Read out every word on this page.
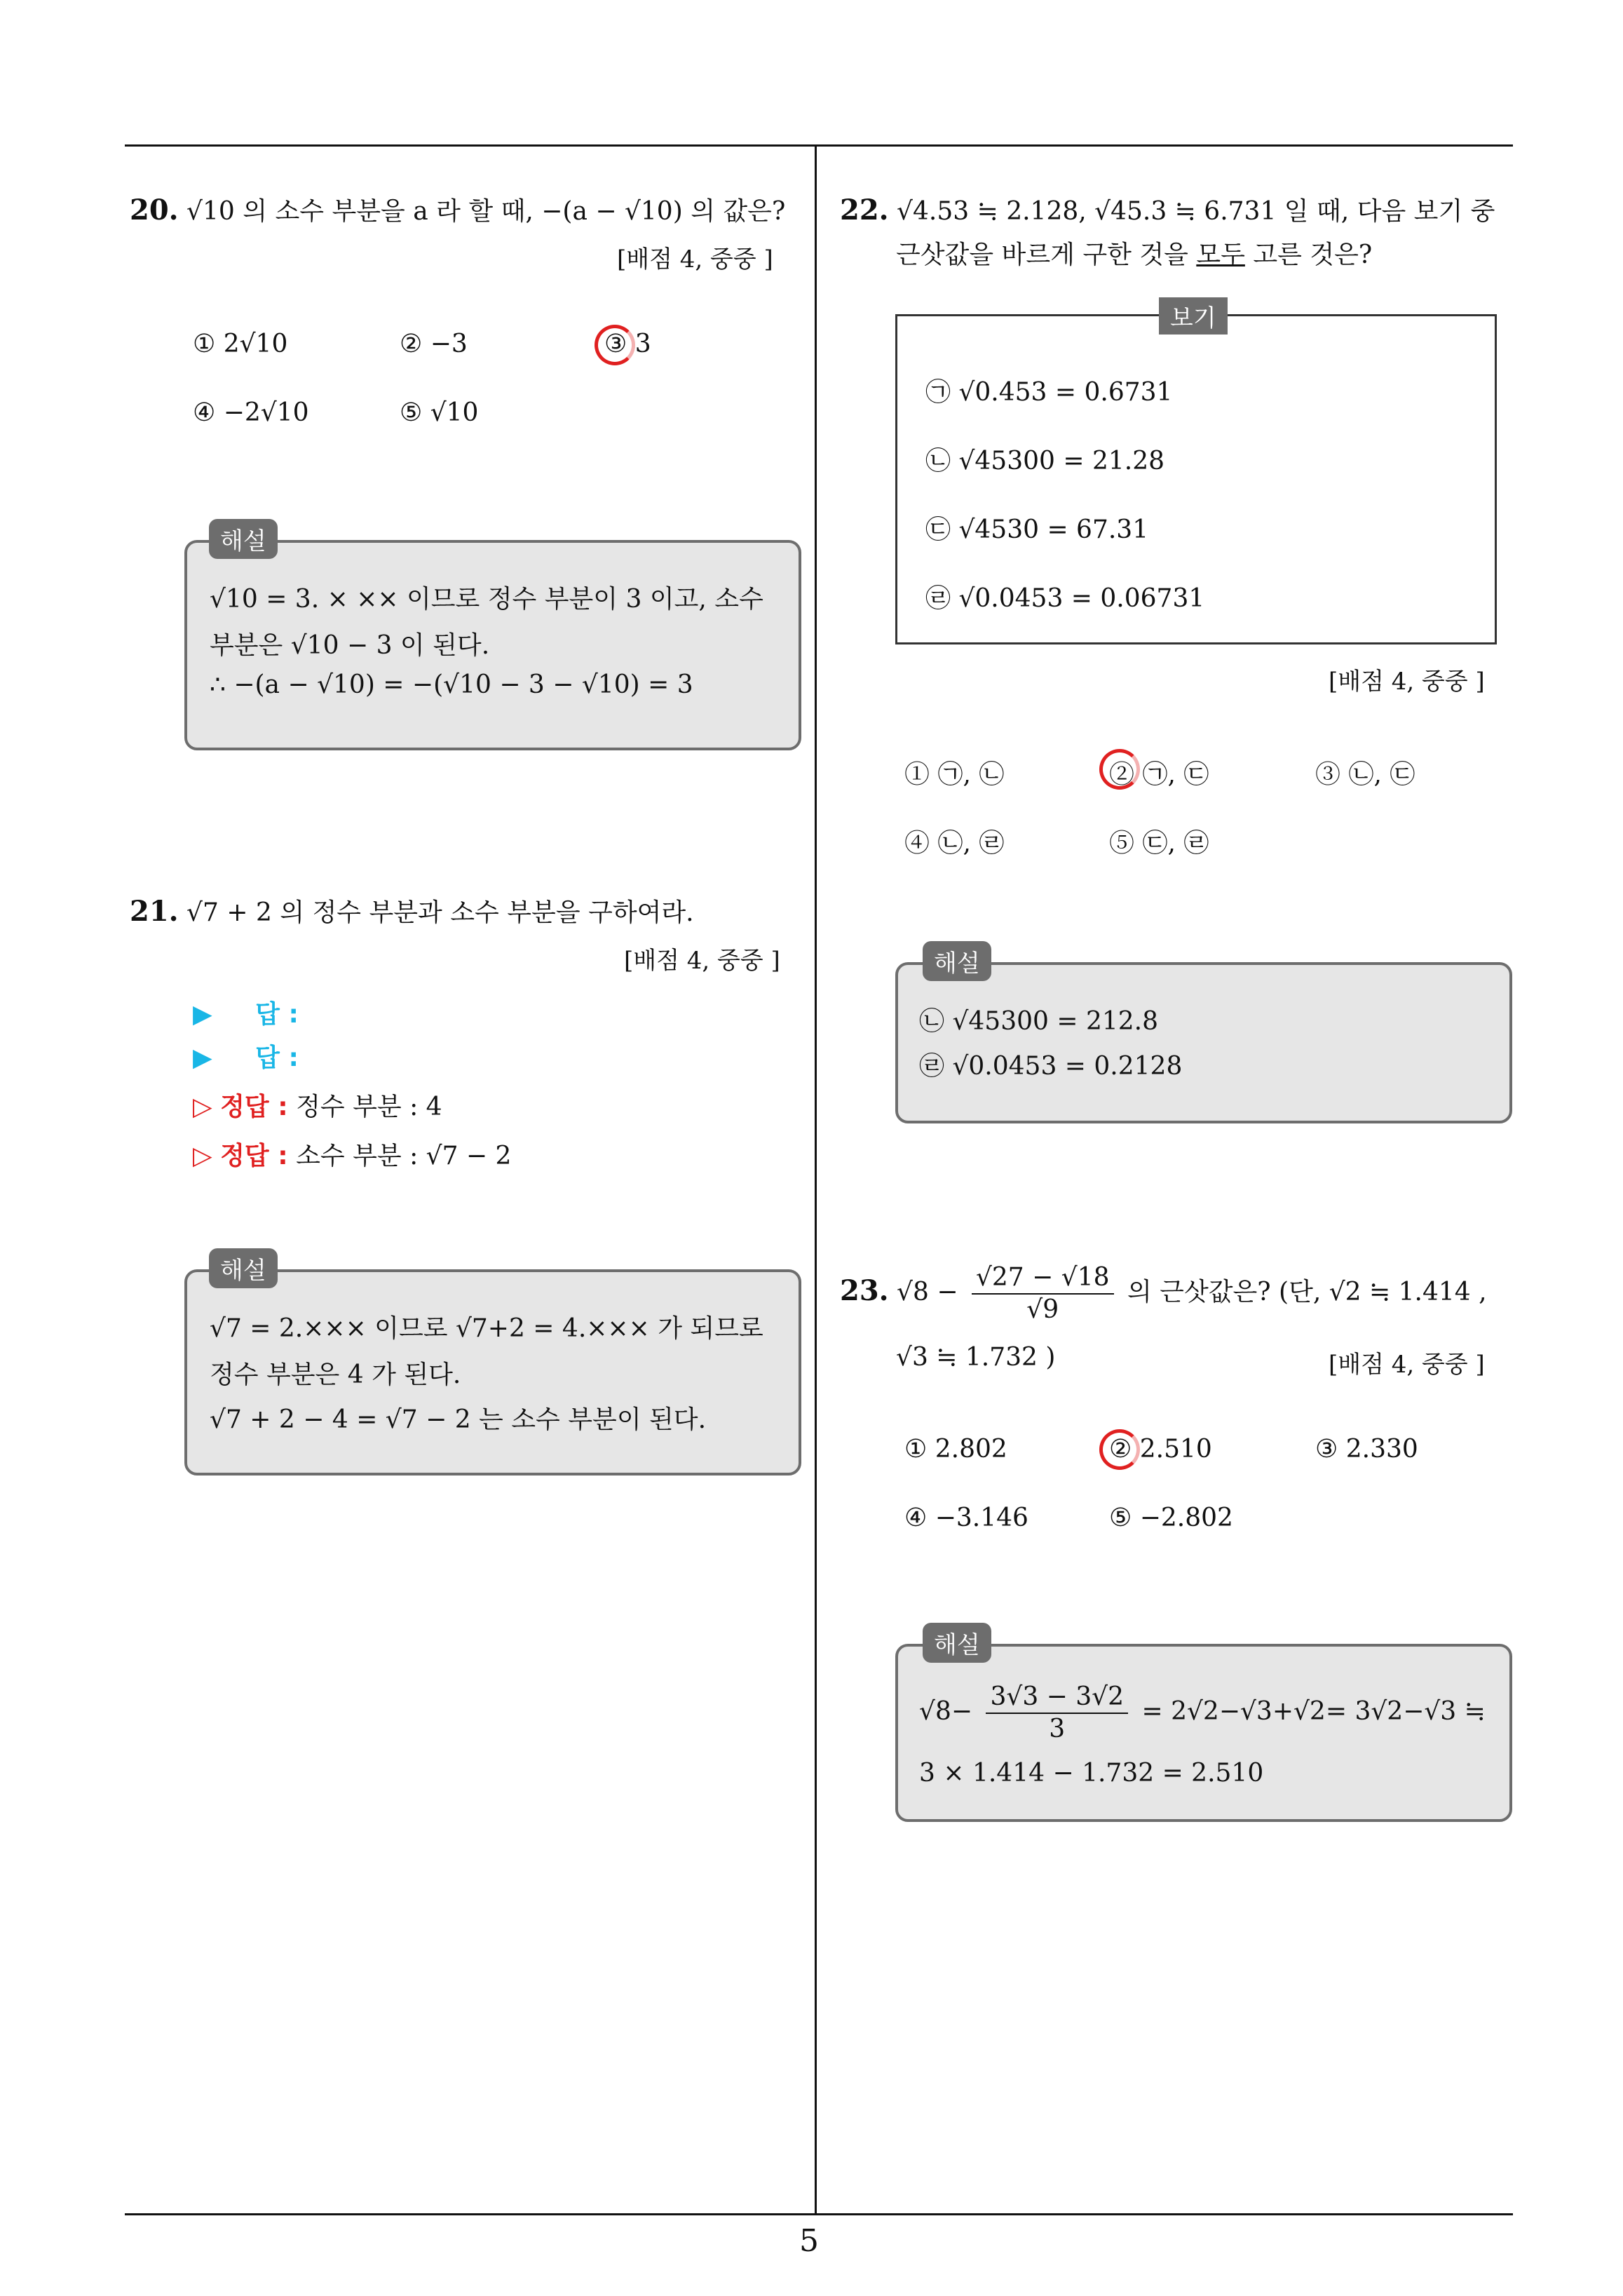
5
20. √10 의 소수 부분을 a 라 할 때, −(a − √10) 의 값은?
[배점 4, 중중 ]
① 2√10	② −3	③ 3
④ −2√10	⑤ √10
√10 = 3. × ×× 이므로 정수 부분이 3 이고, 소수
부분은 √10 − 3 이 된다.
∴ −(a − √10) = −(√10 − 3 − √10) = 3
해설
21. √7 + 2 의 정수 부분과 소수 부분을 구하여라.
[배점 4, 중중 ]
▶ 답 :
▶ 답 :
▷ 정답 : 정수 부분 : 4
▷ 정답 : 소수 부분 : √7 − 2
√7 = 2.××× 이므로 √7+2 = 4.××× 가 되므로
정수 부분은 4 가 된다.
√7 + 2 − 4 = √7 − 2 는 소수 부분이 된다.
해설
22. √4.53 ≒ 2.128, √45.3 ≒ 6.731 일 때, 다음 보기 중
근삿값을 바르게 구한 것을 모두 고른 것은?
㉠ √0.453 = 0.6731
㉡ √45300 = 21.28
㉢ √4530 = 67.31
㉣ √0.0453 = 0.06731
보기
[배점 4, 중중 ]
① ㉠, ㉡	② ㉠, ㉢	③ ㉡, ㉢
④ ㉡, ㉣	⑤ ㉢, ㉣
㉡ √45300 = 212.8
㉣ √0.0453 = 0.2128
해설
23. $√8 - \frac{√27 - √18}{√9}$ 의 근삿값은? (단, √2 ≒ 1.414 ,
√3 ≒ 1.732 )	[배점 4, 중중 ]
① 2.802	② 2.510	③ 2.330
④ −3.146	⑤ −2.802
$√8- \frac{3√3 - 3√2}{3} = 2√2-√3+√2= 3√2-√3$ ≒
3 × 1.414 − 1.732 = 2.510
해설
